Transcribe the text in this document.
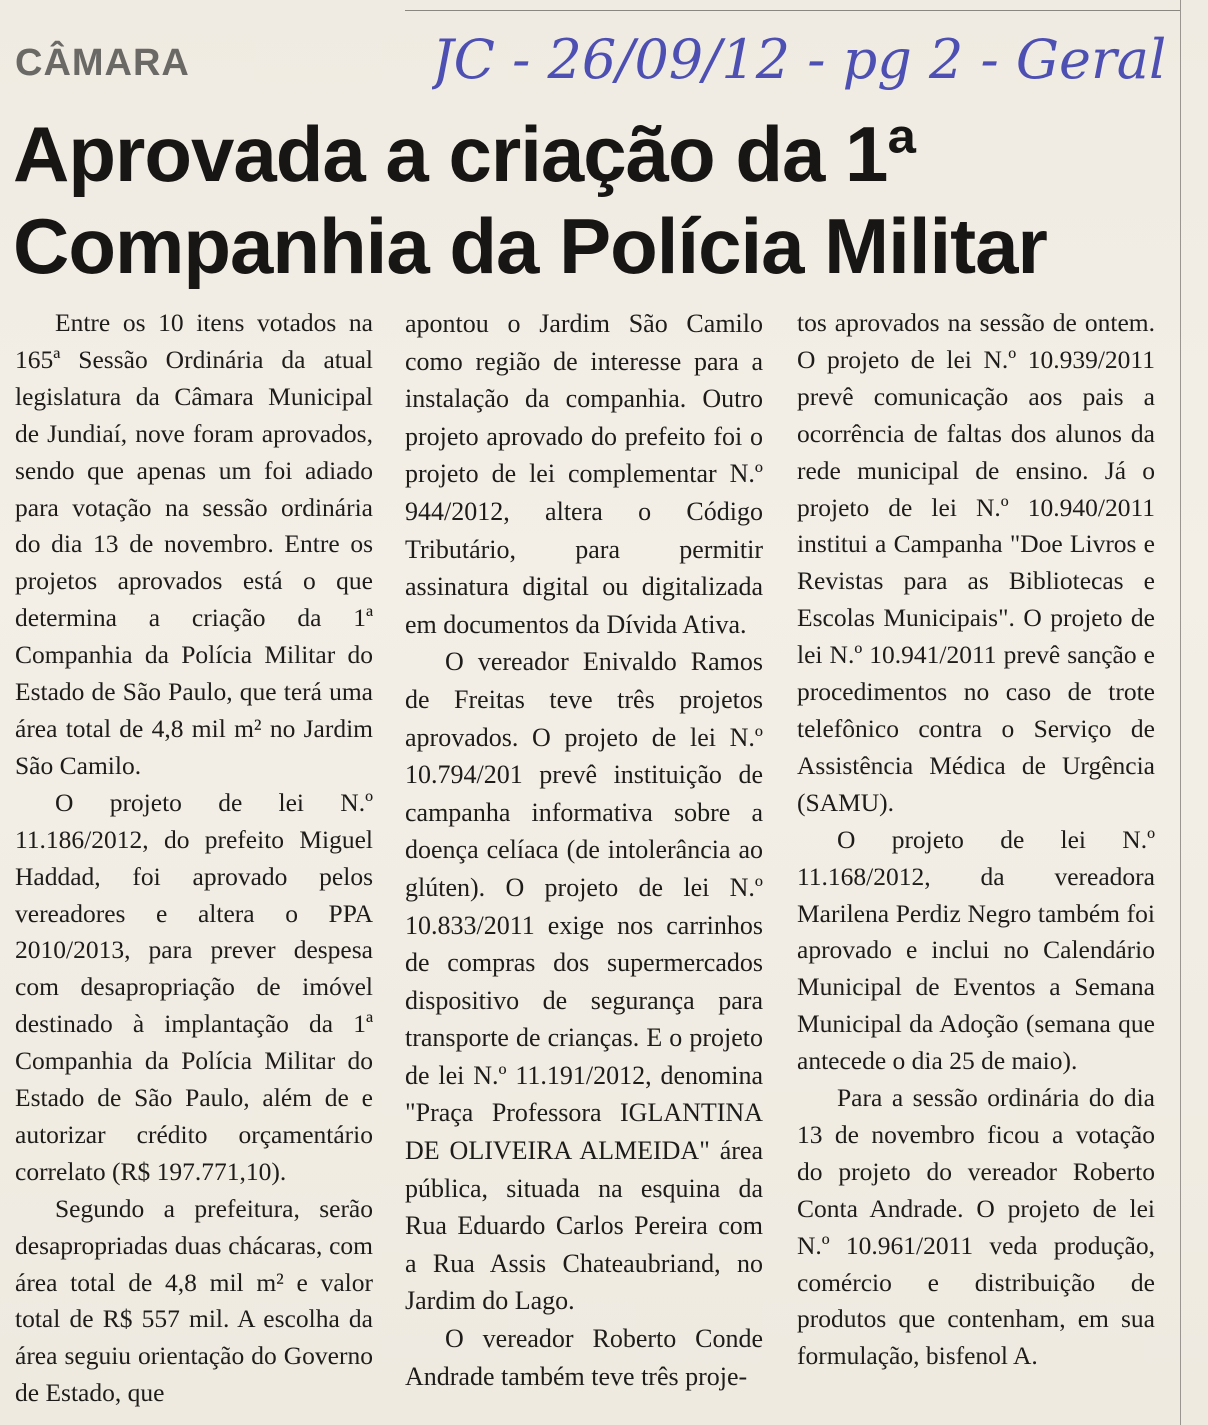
CÂMARA	JC - 26/09/12 - pg 2 - Geral
Aprovada a criação da 1ª
Companhia da Polícia Militar

Entre os 10 itens votados na 165ª Sessão Ordinária da atual legislatura da Câmara Municipal de Jundiaí, nove foram aprovados, sendo que apenas um foi adiado para votação na sessão ordinária do dia 13 de novembro. Entre os projetos aprovados está o que determina a criação da 1ª Companhia da Polícia Militar do Estado de São Paulo, que terá uma área total de 4,8 mil m² no Jardim São Camilo.

O projeto de lei N.º 11.186/2012, do prefeito Miguel Haddad, foi aprovado pelos vereadores e altera o PPA 2010/2013, para prever despesa com desapropriação de imóvel destinado à implantação da 1ª Companhia da Polícia Militar do Estado de São Paulo, além de e autorizar crédito orçamentário correlato (R$ 197.771,10).

Segundo a prefeitura, serão desapropriadas duas chácaras, com área total de 4,8 mil m² e valor total de R$ 557 mil. A escolha da área seguiu orientação do Governo de Estado, que

apontou o Jardim São Camilo como região de interesse para a instalação da companhia. Outro projeto aprovado do prefeito foi o projeto de lei complementar N.º 944/2012, altera o Código Tributário, para permitir assinatura digital ou digitalizada em documentos da Dívida Ativa.

O vereador Enivaldo Ramos de Freitas teve três projetos aprovados. O projeto de lei N.º 10.794/201 prevê instituição de campanha informativa sobre a doença celíaca (de intolerância ao glúten). O projeto de lei N.º 10.833/2011 exige nos carrinhos de compras dos supermercados dispositivo de segurança para transporte de crianças. E o projeto de lei N.º 11.191/2012, denomina "Praça Professora IGLANTINA DE OLIVEIRA ALMEIDA" área pública, situada na esquina da Rua Eduardo Carlos Pereira com a Rua Assis Chateaubriand, no Jardim do Lago.

O vereador Roberto Conde Andrade também teve três proje-

tos aprovados na sessão de ontem. O projeto de lei N.º 10.939/2011 prevê comunicação aos pais a ocorrência de faltas dos alunos da rede municipal de ensino. Já o projeto de lei N.º 10.940/2011 institui a Campanha "Doe Livros e Revistas para as Bibliotecas e Escolas Municipais". O projeto de lei N.º 10.941/2011 prevê sanção e procedimentos no caso de trote telefônico contra o Serviço de Assistência Médica de Urgência (SAMU).

O projeto de lei N.º 11.168/2012, da vereadora Marilena Perdiz Negro também foi aprovado e inclui no Calendário Municipal de Eventos a Semana Municipal da Adoção (semana que antecede o dia 25 de maio).

Para a sessão ordinária do dia 13 de novembro ficou a votação do projeto do vereador Roberto Conta Andrade. O projeto de lei N.º 10.961/2011 veda produção, comércio e distribuição de produtos que contenham, em sua formulação, bisfenol A.
